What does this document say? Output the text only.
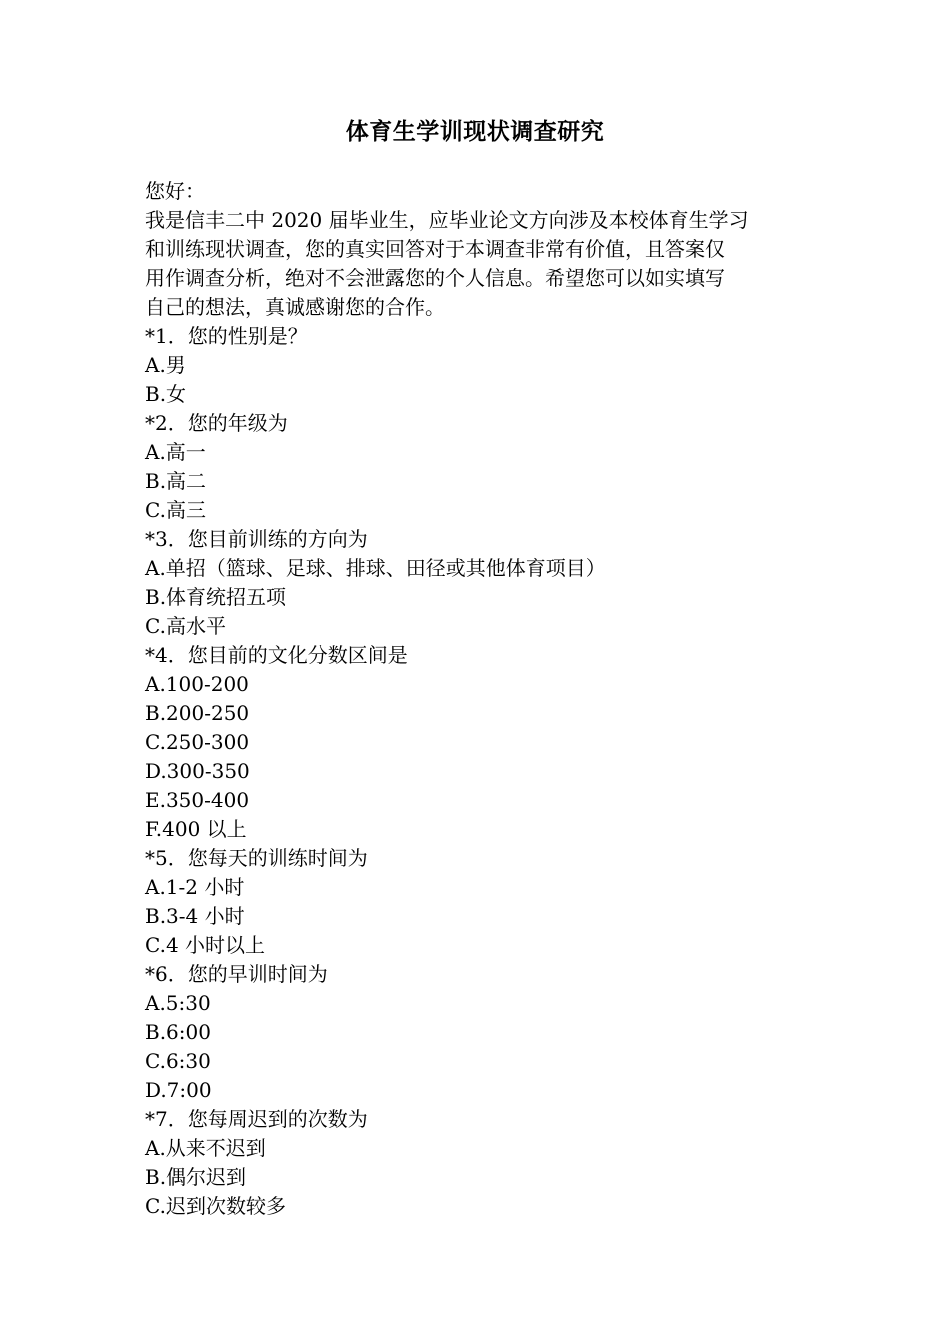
体育生学训现状调查研究
您好：
我是信丰二中 2020 届毕业生，应毕业论文方向涉及本校体育生学习
和训练现状调查，您的真实回答对于本调查非常有价值，且答案仅
用作调查分析，绝对不会泄露您的个人信息。希望您可以如实填写
自己的想法，真诚感谢您的合作。
*1．您的性别是？
A.男
B.女
*2．您的年级为
A.高一
B.高二
C.高三
*3．您目前训练的方向为
A.单招（篮球、足球、排球、田径或其他体育项目）
B.体育统招五项
C.高水平
*4．您目前的文化分数区间是
A.100-200
B.200-250
C.250-300
D.300-350
E.350-400
F.400 以上
*5．您每天的训练时间为
A.1-2 小时
B.3-4 小时
C.4 小时以上
*6．您的早训时间为
A.5:30
B.6:00
C.6:30
D.7:00
*7．您每周迟到的次数为
A.从来不迟到
B.偶尔迟到
C.迟到次数较多
